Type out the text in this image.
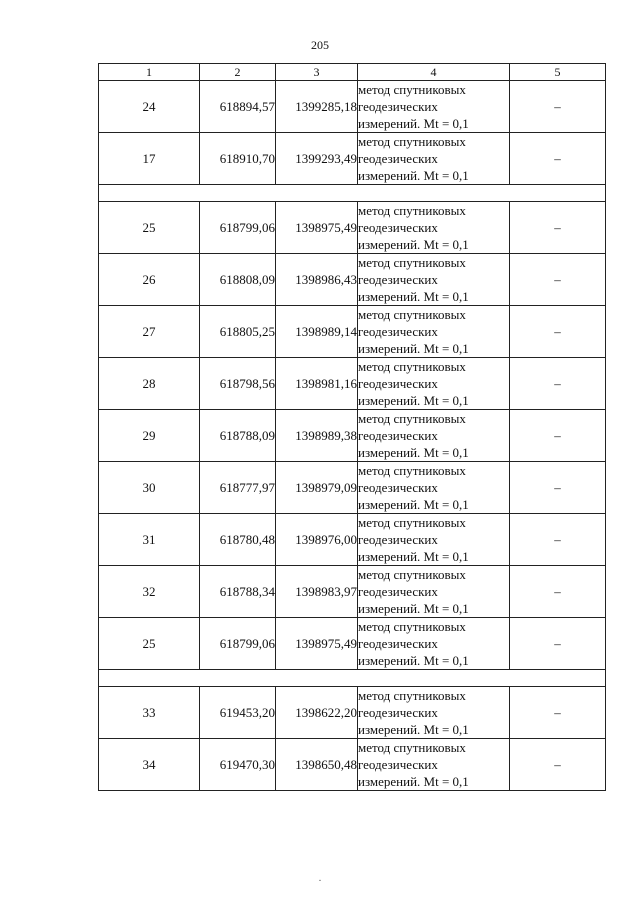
205
1	2	3	4	5
24	618894,57	1399285,18	метод спутниковых
геодезических
измерений. Mt = 0,1	–
17	618910,70	1399293,49	метод спутниковых
геодезических
измерений. Mt = 0,1	–

25	618799,06	1398975,49	метод спутниковых
геодезических
измерений. Mt = 0,1	–
26	618808,09	1398986,43	метод спутниковых
геодезических
измерений. Mt = 0,1	–
27	618805,25	1398989,14	метод спутниковых
геодезических
измерений. Mt = 0,1	–
28	618798,56	1398981,16	метод спутниковых
геодезических
измерений. Mt = 0,1	–
29	618788,09	1398989,38	метод спутниковых
геодезических
измерений. Mt = 0,1	–
30	618777,97	1398979,09	метод спутниковых
геодезических
измерений. Mt = 0,1	–
31	618780,48	1398976,00	метод спутниковых
геодезических
измерений. Mt = 0,1	–
32	618788,34	1398983,97	метод спутниковых
геодезических
измерений. Mt = 0,1	–
25	618799,06	1398975,49	метод спутниковых
геодезических
измерений. Mt = 0,1	–

33	619453,20	1398622,20	метод спутниковых
геодезических
измерений. Mt = 0,1	–
34	619470,30	1398650,48	метод спутниковых
геодезических
измерений. Mt = 0,1	–
.
